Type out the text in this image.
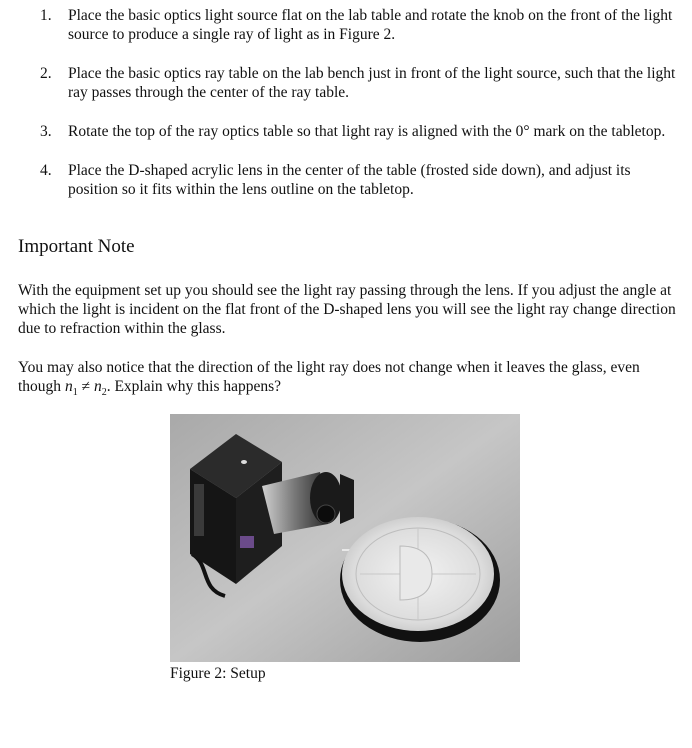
1. Place the basic optics light source flat on the lab table and rotate the knob on the front of the light source to produce a single ray of light as in Figure 2.
2. Place the basic optics ray table on the lab bench just in front of the light source, such that the light ray passes through the center of the ray table.
3. Rotate the top of the ray optics table so that light ray is aligned with the 0° mark on the tabletop.
4. Place the D-shaped acrylic lens in the center of the table (frosted side down), and adjust its position so it fits within the lens outline on the tabletop.
Important Note

With the equipment set up you should see the light ray passing through the lens. If you adjust the angle at which the light is incident on the flat front of the D-shaped lens you will see the light ray change direction due to refraction within the glass.

You may also notice that the direction of the light ray does not change when it leaves the glass, even though $n_1 \ne n_2$. Explain why this happens?

Figure 2: Setup
